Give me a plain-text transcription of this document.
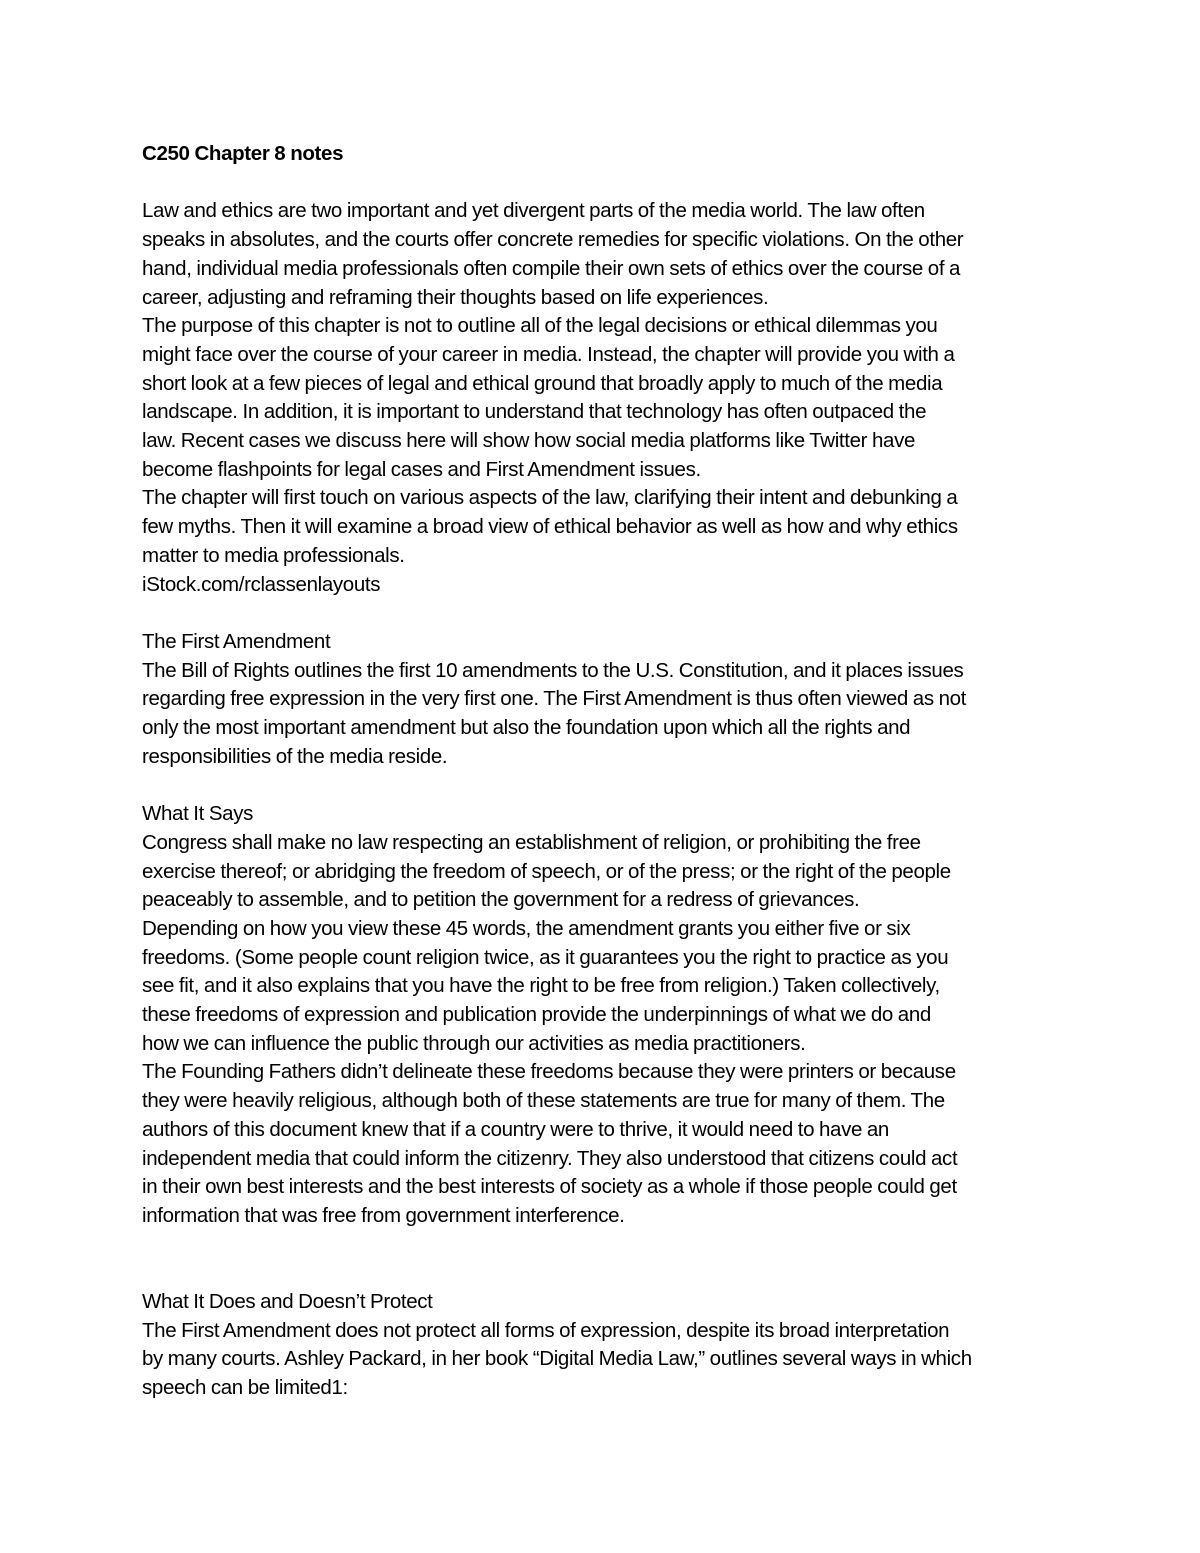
C250 Chapter 8 notes
Law and ethics are two important and yet divergent parts of the media world. The law often
speaks in absolutes, and the courts offer concrete remedies for specific violations. On the other
hand, individual media professionals often compile their own sets of ethics over the course of a
career, adjusting and reframing their thoughts based on life experiences.
The purpose of this chapter is not to outline all of the legal decisions or ethical dilemmas you
might face over the course of your career in media. Instead, the chapter will provide you with a
short look at a few pieces of legal and ethical ground that broadly apply to much of the media
landscape. In addition, it is important to understand that technology has often outpaced the
law. Recent cases we discuss here will show how social media platforms like Twitter have
become flashpoints for legal cases and First Amendment issues.
The chapter will first touch on various aspects of the law, clarifying their intent and debunking a
few myths. Then it will examine a broad view of ethical behavior as well as how and why ethics
matter to media professionals.
iStock.com/rclassenlayouts
The First Amendment
The Bill of Rights outlines the first 10 amendments to the U.S. Constitution, and it places issues
regarding free expression in the very first one. The First Amendment is thus often viewed as not
only the most important amendment but also the foundation upon which all the rights and
responsibilities of the media reside.
What It Says
Congress shall make no law respecting an establishment of religion, or prohibiting the free
exercise thereof; or abridging the freedom of speech, or of the press; or the right of the people
peaceably to assemble, and to petition the government for a redress of grievances.
Depending on how you view these 45 words, the amendment grants you either five or six
freedoms. (Some people count religion twice, as it guarantees you the right to practice as you
see fit, and it also explains that you have the right to be free from religion.) Taken collectively,
these freedoms of expression and publication provide the underpinnings of what we do and
how we can influence the public through our activities as media practitioners.
The Founding Fathers didn’t delineate these freedoms because they were printers or because
they were heavily religious, although both of these statements are true for many of them. The
authors of this document knew that if a country were to thrive, it would need to have an
independent media that could inform the citizenry. They also understood that citizens could act
in their own best interests and the best interests of society as a whole if those people could get
information that was free from government interference.
What It Does and Doesn’t Protect
The First Amendment does not protect all forms of expression, despite its broad interpretation
by many courts. Ashley Packard, in her book “Digital Media Law,” outlines several ways in which
speech can be limited1:
